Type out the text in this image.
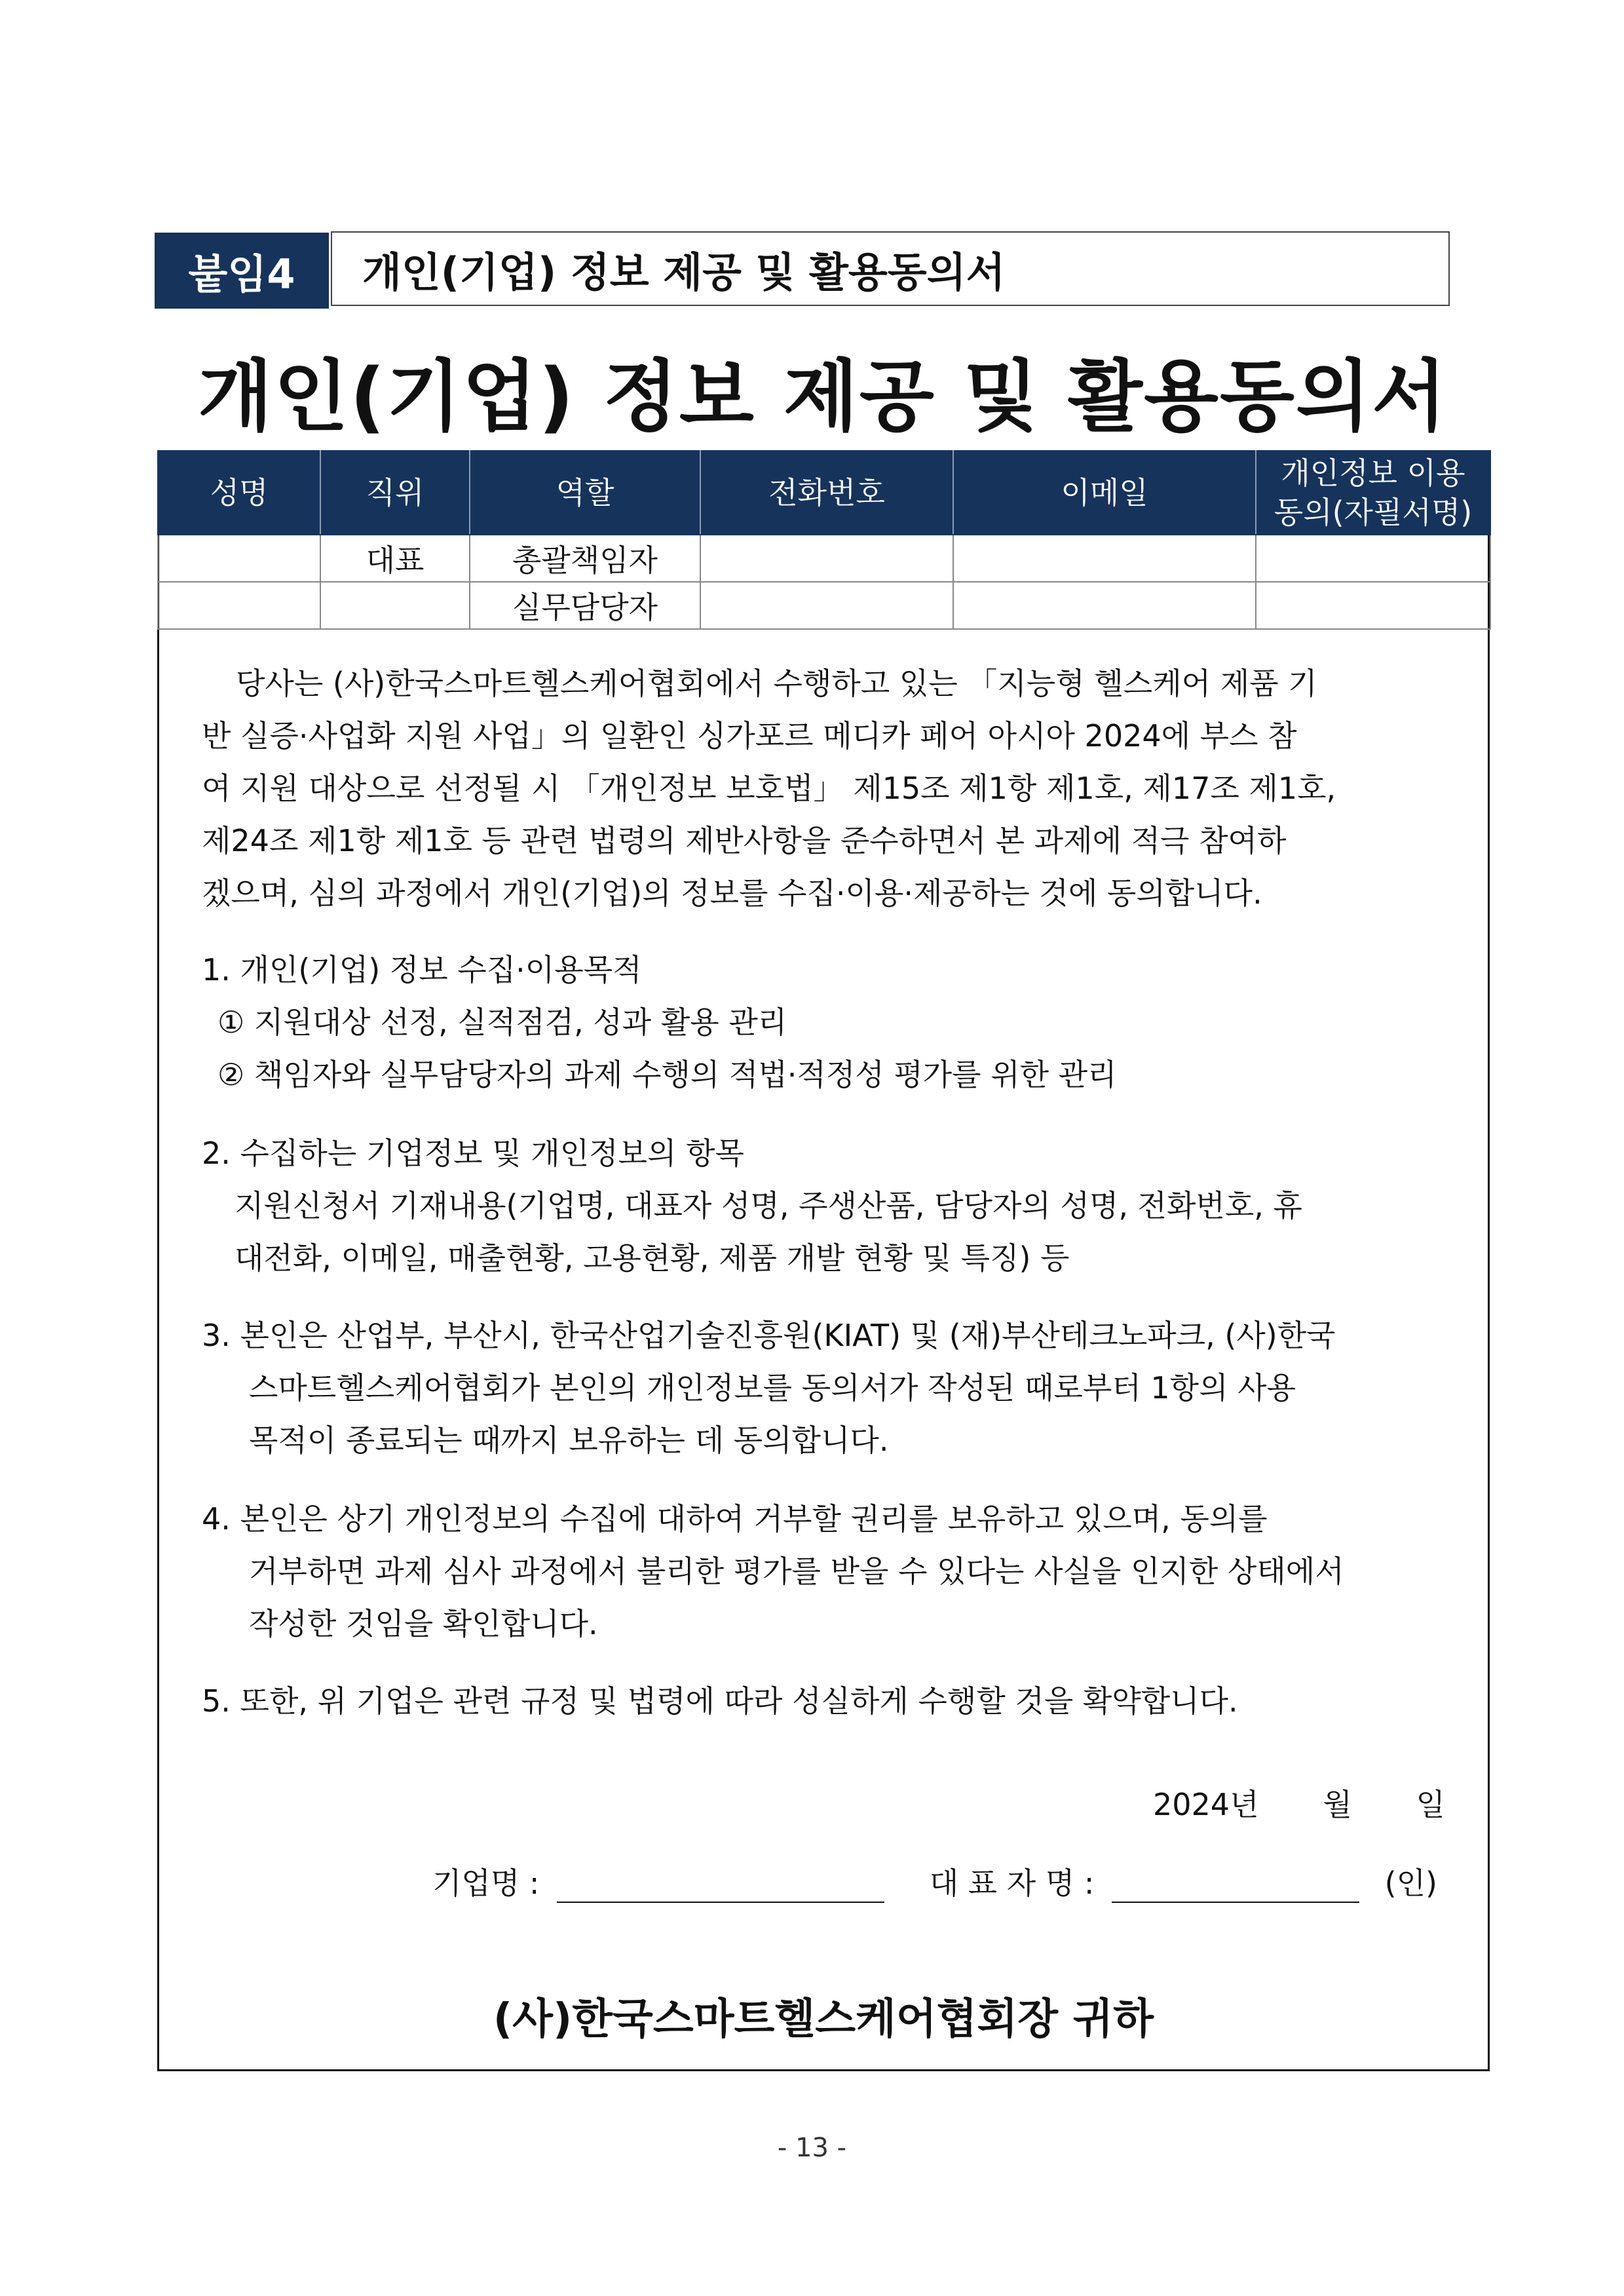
붙임4	개인(기업) 정보 제공 및 활용동의서
개인(기업) 정보 제공 및 활용동의서
성명	직위	역할	전화번호	이메일	개인정보 이용
동의(자필서명)
	대표	총괄책임자			
		실무담당자			
당사는 (사)한국스마트헬스케어협회에서 수행하고 있는 「지능형 헬스케어 제품 기
반 실증·사업화 지원 사업」의 일환인 싱가포르 메디카 페어 아시아 2024에 부스 참
여 지원 대상으로 선정될 시 「개인정보 보호법」 제15조 제1항 제1호, 제17조 제1호,
제24조 제1항 제1호 등 관련 법령의 제반사항을 준수하면서 본 과제에 적극 참여하
겠으며, 심의 과정에서 개인(기업)의 정보를 수집·이용·제공하는 것에 동의합니다.
1. 개인(기업) 정보 수집·이용목적
① 지원대상 선정, 실적점검, 성과 활용 관리
② 책임자와 실무담당자의 과제 수행의 적법·적정성 평가를 위한 관리
2. 수집하는 기업정보 및 개인정보의 항목
지원신청서 기재내용(기업명, 대표자 성명, 주생산품, 담당자의 성명, 전화번호, 휴
대전화, 이메일, 매출현황, 고용현황, 제품 개발 현황 및 특징) 등
3. 본인은 산업부, 부산시, 한국산업기술진흥원(KIAT) 및 (재)부산테크노파크, (사)한국
스마트헬스케어협회가 본인의 개인정보를 동의서가 작성된 때로부터 1항의 사용
목적이 종료되는 때까지 보유하는 데 동의합니다.
4. 본인은 상기 개인정보의 수집에 대하여 거부할 권리를 보유하고 있으며, 동의를
거부하면 과제 심사 과정에서 불리한 평가를 받을 수 있다는 사실을 인지한 상태에서
작성한 것임을 확인합니다.
5. 또한, 위 기업은 관련 규정 및 법령에 따라 성실하게 수행할 것을 확약합니다.
2024년 월 일
기업명 :	대 표 자 명 :	(인)
(사)한국스마트헬스케어협회장 귀하
- 13 -
